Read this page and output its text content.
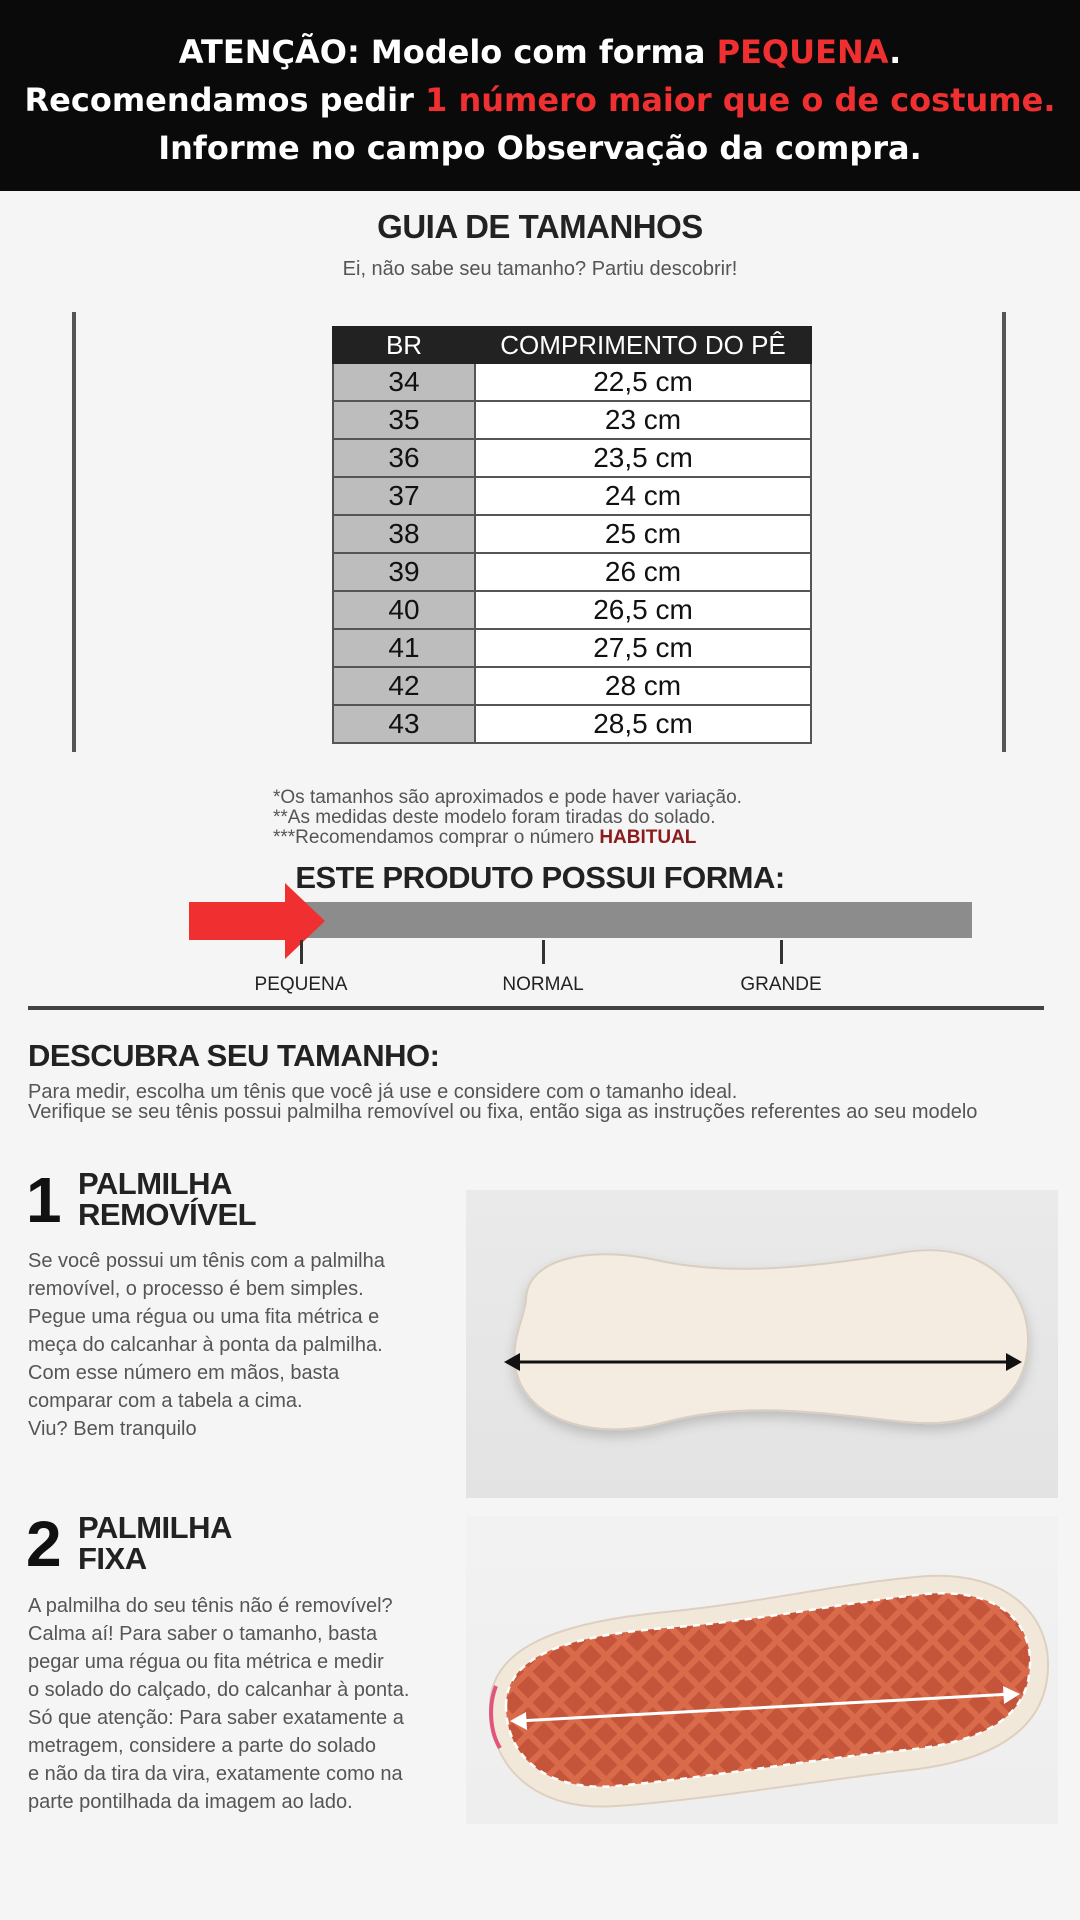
ATENÇÃO: Modelo com forma PEQUENA.
Recomendamos pedir 1 número maior que o de costume.
Informe no campo Observação da compra.
GUIA DE TAMANHOS
Ei, não sabe seu tamanho? Partiu descobrir!
BR	COMPRIMENTO DO PÊ
34	22,5 cm
35	23 cm
36	23,5 cm
37	24 cm
38	25 cm
39	26 cm
40	26,5 cm
41	27,5 cm
42	28 cm
43	28,5 cm
*Os tamanhos são aproximados e pode haver variação.
**As medidas deste modelo foram tiradas do solado.
***Recomendamos comprar o número HABITUAL
ESTE PRODUTO POSSUI FORMA:
PEQUENA	NORMAL	GRANDE
DESCUBRA SEU TAMANHO:
Para medir, escolha um tênis que você já use e considere com o tamanho ideal.
Verifique se seu tênis possui palmilha removível ou fixa, então siga as instruções referentes ao seu modelo
1 PALMILHA
REMOVÍVEL
Se você possui um tênis com a palmilha
removível, o processo é bem simples.
Pegue uma régua ou uma fita métrica e
meça do calcanhar à ponta da palmilha.
Com esse número em mãos, basta
comparar com a tabela a cima.
Viu? Bem tranquilo
2 PALMILHA
FIXA
A palmilha do seu tênis não é removível?
Calma aí! Para saber o tamanho, basta
pegar uma régua ou fita métrica e medir
o solado do calçado, do calcanhar à ponta.
Só que atenção: Para saber exatamente a
metragem, considere a parte do solado
e não da tira da vira, exatamente como na
parte pontilhada da imagem ao lado.
